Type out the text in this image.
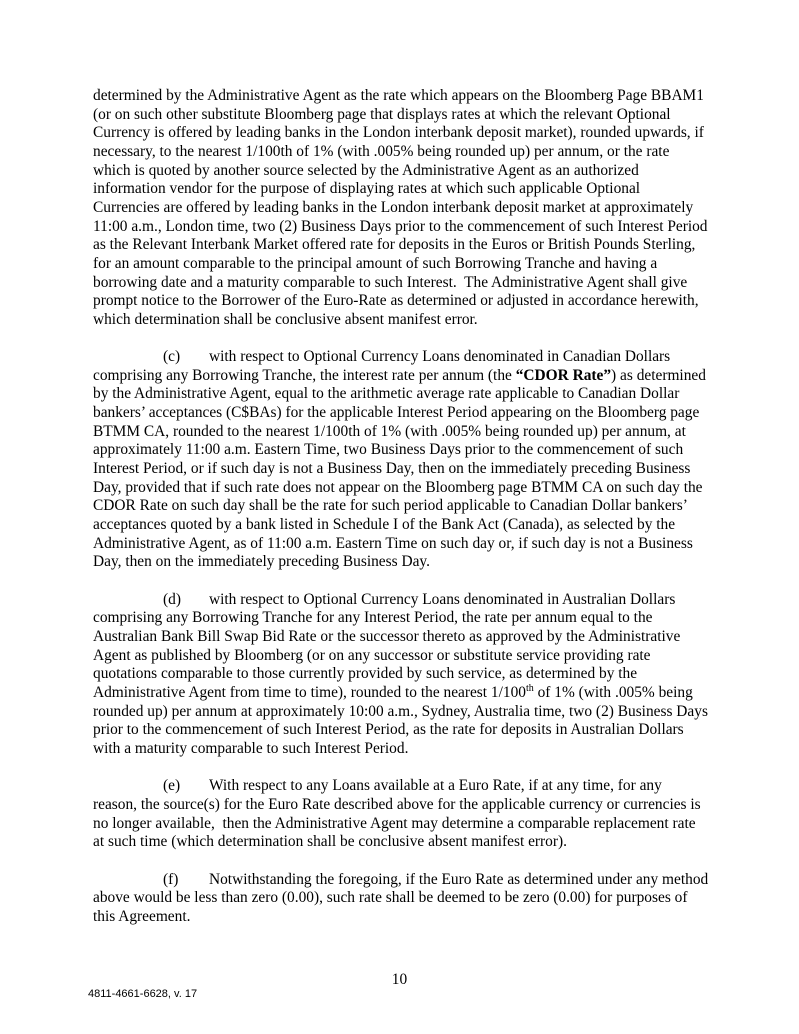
determined by the Administrative Agent as the rate which appears on the Bloomberg Page BBAM1 (or on such other substitute Bloomberg page that displays rates at which the relevant Optional Currency is offered by leading banks in the London interbank deposit market), rounded upwards, if necessary, to the nearest 1/100th of 1% (with .005% being rounded up) per annum, or the rate which is quoted by another source selected by the Administrative Agent as an authorized information vendor for the purpose of displaying rates at which such applicable Optional Currencies are offered by leading banks in the London interbank deposit market at approximately 11:00 a.m., London time, two (2) Business Days prior to the commencement of such Interest Period as the Relevant Interbank Market offered rate for deposits in the Euros or British Pounds Sterling, for an amount comparable to the principal amount of such Borrowing Tranche and having a borrowing date and a maturity comparable to such Interest.  The Administrative Agent shall give prompt notice to the Borrower of the Euro-Rate as determined or adjusted in accordance herewith, which determination shall be conclusive absent manifest error.

(c) with respect to Optional Currency Loans denominated in Canadian Dollars comprising any Borrowing Tranche, the interest rate per annum (the “CDOR Rate”) as determined by the Administrative Agent, equal to the arithmetic average rate applicable to Canadian Dollar bankers’ acceptances (C$BAs) for the applicable Interest Period appearing on the Bloomberg page BTMM CA, rounded to the nearest 1/100th of 1% (with .005% being rounded up) per annum, at approximately 11:00 a.m. Eastern Time, two Business Days prior to the commencement of such Interest Period, or if such day is not a Business Day, then on the immediately preceding Business Day, provided that if such rate does not appear on the Bloomberg page BTMM CA on such day the CDOR Rate on such day shall be the rate for such period applicable to Canadian Dollar bankers’ acceptances quoted by a bank listed in Schedule I of the Bank Act (Canada), as selected by the Administrative Agent, as of 11:00 a.m. Eastern Time on such day or, if such day is not a Business Day, then on the immediately preceding Business Day.

(d) with respect to Optional Currency Loans denominated in Australian Dollars comprising any Borrowing Tranche for any Interest Period, the rate per annum equal to the Australian Bank Bill Swap Bid Rate or the successor thereto as approved by the Administrative Agent as published by Bloomberg (or on any successor or substitute service providing rate quotations comparable to those currently provided by such service, as determined by the Administrative Agent from time to time), rounded to the nearest 1/100th of 1% (with .005% being rounded up) per annum at approximately 10:00 a.m., Sydney, Australia time, two (2) Business Days prior to the commencement of such Interest Period, as the rate for deposits in Australian Dollars with a maturity comparable to such Interest Period.

(e) With respect to any Loans available at a Euro Rate, if at any time, for any reason, the source(s) for the Euro Rate described above for the applicable currency or currencies is no longer available,  then the Administrative Agent may determine a comparable replacement rate at such time (which determination shall be conclusive absent manifest error).

(f) Notwithstanding the foregoing, if the Euro Rate as determined under any method above would be less than zero (0.00), such rate shall be deemed to be zero (0.00) for purposes of this Agreement.

10
4811-4661-6628, v. 17
